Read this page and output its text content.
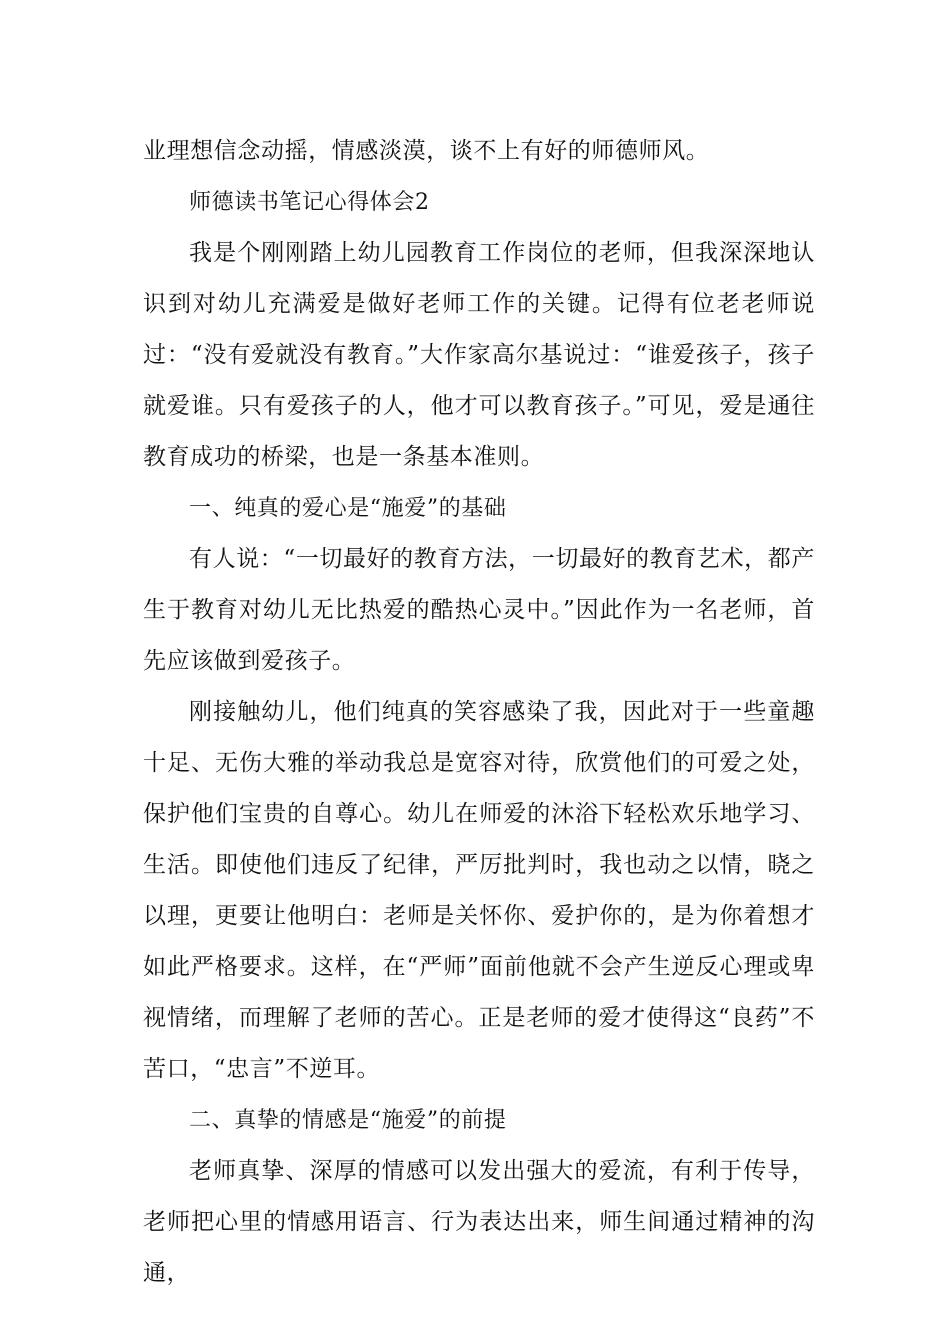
业理想信念动摇，情感淡漠，谈不上有好的师德师风。

师德读书笔记心得体会2

我是个刚刚踏上幼儿园教育工作岗位的老师，但我深深地认识到对幼儿充满爱是做好老师工作的关键。记得有位老老师说过：“没有爱就没有教育。”大作家高尔基说过：“谁爱孩子，孩子就爱谁。只有爱孩子的人，他才可以教育孩子。”可见，爱是通往教育成功的桥梁，也是一条基本准则。

一、纯真的爱心是“施爱”的基础

有人说：“一切最好的教育方法，一切最好的教育艺术，都产生于教育对幼儿无比热爱的酷热心灵中。”因此作为一名老师，首先应该做到爱孩子。

刚接触幼儿，他们纯真的笑容感染了我，因此对于一些童趣十足、无伤大雅的举动我总是宽容对待，欣赏他们的可爱之处，保护他们宝贵的自尊心。幼儿在师爱的沐浴下轻松欢乐地学习、生活。即使他们违反了纪律，严厉批判时，我也动之以情，晓之以理，更要让他明白：老师是关怀你、爱护你的，是为你着想才如此严格要求。这样，在“严师”面前他就不会产生逆反心理或卑视情绪，而理解了老师的苦心。正是老师的爱才使得这“良药”不苦口，“忠言”不逆耳。

二、真挚的情感是“施爱”的前提

老师真挚、深厚的情感可以发出强大的爱流，有利于传导，老师把心里的情感用语言、行为表达出来，师生间通过精神的沟通，
